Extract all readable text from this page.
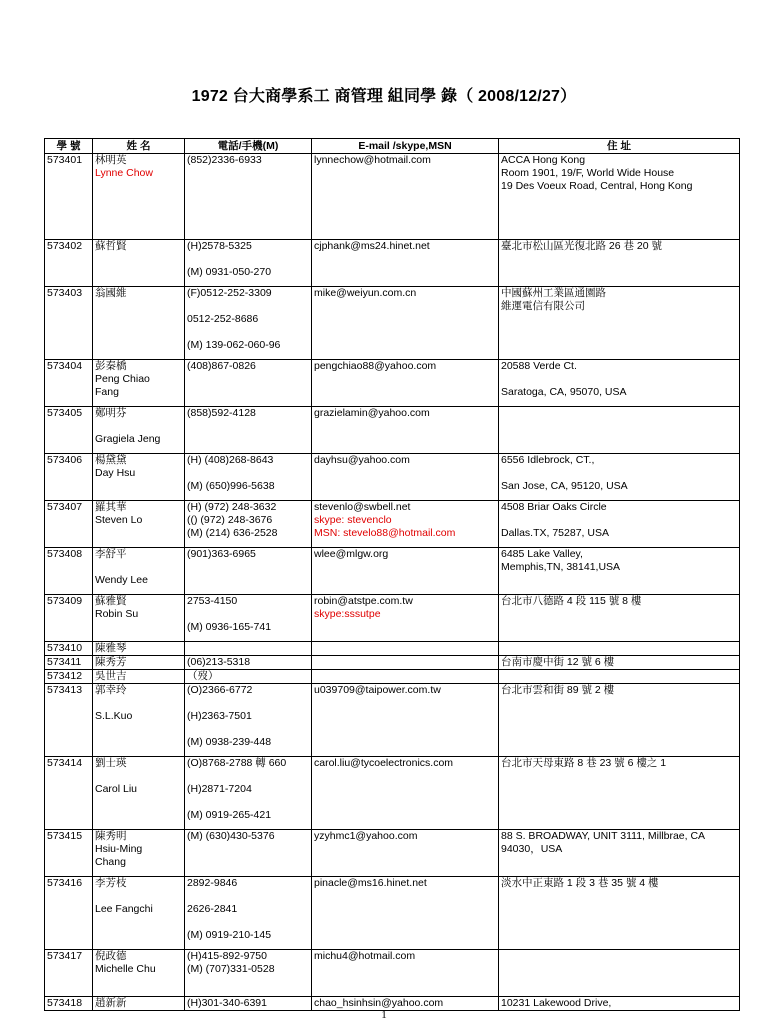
1972 台大商學系工 商管理 組同學 錄（ 2008/12/27）
學 號	姓 名	電話/手機(M)	E-mail /skype,MSN	住 址
573401	林明英
Lynne Chow	(852)2336-6933	lynnechow@hotmail.com	ACCA Hong Kong
Room 1901, 19/F, World Wide House
19 Des Voeux Road, Central, Hong Kong

573402	蘇哲賢	(H)2578-5325
(M) 0931-050-270	cjphank@ms24.hinet.net	臺北市松山區光復北路 26 巷 20 號

573403	翁國維	(F)0512-252-3309
0512-252-8686
(M) 139-062-060-96	mike@weiyun.com.cn	中國蘇州工業區通園路
維運電信有限公司

573404	彭秦橋
Peng Chiao
Fang	(408)867-0826	pengchiao88@yahoo.com	20588 Verde Ct.
Saratoga, CA, 95070, USA

573405	鄭明芬
Gragiela Jeng	(858)592-4128	grazielamin@yahoo.com	

573406	楊黛黛
Day Hsu	(H) (408)268-8643
(M) (650)996-5638	dayhsu@yahoo.com	6556 Idlebrock, CT.,
San Jose, CA, 95120, USA

573407	羅其華
Steven Lo	(H) (972) 248-3632
(() (972) 248-3676
(M) (214) 636-2528	stevenlo@swbell.net
skype: stevenclo
MSN: stevelo88@hotmail.com	4508 Briar Oaks Circle
Dallas.TX, 75287, USA

573408	李舒平
Wendy Lee	(901)363-6965	wlee@mlgw.org	6485 Lake Valley,
Memphis,TN, 38141,USA

573409	蘇雅賢
Robin Su	2753-4150
(M) 0936-165-741	robin@atstpe.com.tw
skype:sssutpe	台北市八德路 4 段 115 號 8 樓

573410	陳雅琴			

573411	陳秀芳	(06)213-5318		台南市慶中街 12 號 6 樓

573412	吳世吉	（歿）		

573413	郭幸玲
S.L.Kuo	(O)2366-6772
(H)2363-7501
(M) 0938-239-448	u039709@taipower.com.tw	台北市雲和街 89 號 2 樓

573414	劉士瑛
Carol Liu	(O)8768-2788 轉 660
(H)2871-7204
(M) 0919-265-421	carol.liu@tycoelectronics.com	台北市天母東路 8 巷 23 號 6 樓之 1

573415	陳秀明
Hsiu-Ming
Chang	(M) (630)430-5376	yzyhmc1@yahoo.com	88 S. BROADWAY, UNIT 3111, Millbrae, CA
94030，USA

573416	李芳枝
Lee Fangchi	2892-9846
2626-2841
(M) 0919-210-145	pinacle@ms16.hinet.net	淡水中正東路 1 段 3 巷 35 號 4 樓

573417	倪政德
Michelle Chu	(H)415-892-9750
(M) (707)331-0528	michu4@hotmail.com	

573418	趙新新	(H)301-340-6391	chao_hsinhsin@yahoo.com	10231 Lakewood Drive,
1
